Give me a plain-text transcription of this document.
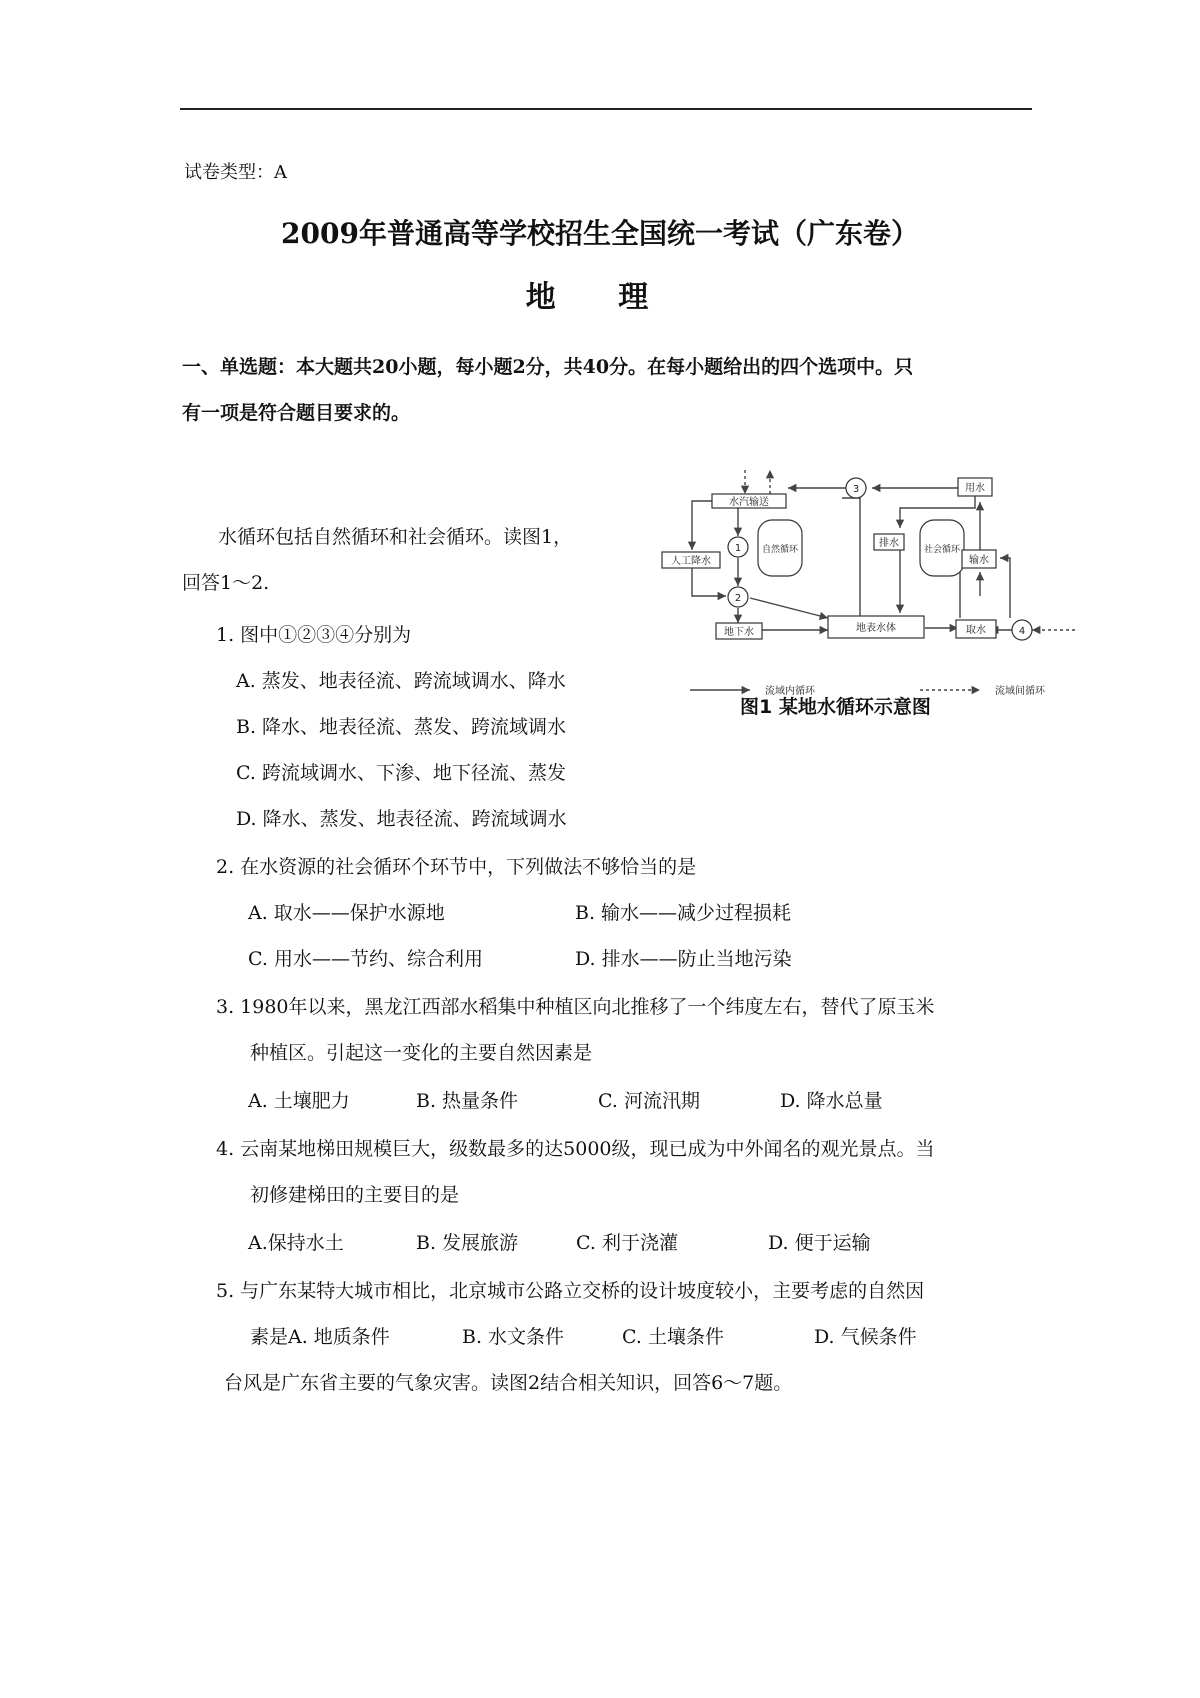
试卷类型：A
2009年普通高等学校招生全国统一考试（广东卷）
地 理
一、单选题：本大题共20小题，每小题2分，共40分。在每小题给出的四个选项中。只
有一项是符合题目要求的。
水循环包括自然循环和社会循环。读图1，
回答1～2.
水汽输送
人工降水
自然循环
排水
社会循环
用水
输水
地下水	地表水体	取水
1
2
3
4
流域内循环	流域间循环
图1 某地水循环示意图
1. 图中①②③④分别为
A. 蒸发、地表径流、跨流域调水、降水
B. 降水、地表径流、蒸发、跨流域调水
C. 跨流域调水、下渗、地下径流、蒸发
D. 降水、蒸发、地表径流、跨流域调水
2. 在水资源的社会循环个环节中，下列做法不够恰当的是
A. 取水——保护水源地	B. 输水——减少过程损耗
C. 用水——节约、综合利用	D. 排水——防止当地污染
3. 1980年以来，黑龙江西部水稻集中种植区向北推移了一个纬度左右，替代了原玉米
种植区。引起这一变化的主要自然因素是
A. 土壤肥力	B. 热量条件	C. 河流汛期	D. 降水总量
4. 云南某地梯田规模巨大，级数最多的达5000级，现已成为中外闻名的观光景点。当
初修建梯田的主要目的是
A.保持水土	B. 发展旅游	C. 利于浇灌	D. 便于运输
5. 与广东某特大城市相比，北京城市公路立交桥的设计坡度较小，主要考虑的自然因
素是A. 地质条件	B. 水文条件	C. 土壤条件	D. 气候条件
台风是广东省主要的气象灾害。读图2结合相关知识，回答6～7题。
